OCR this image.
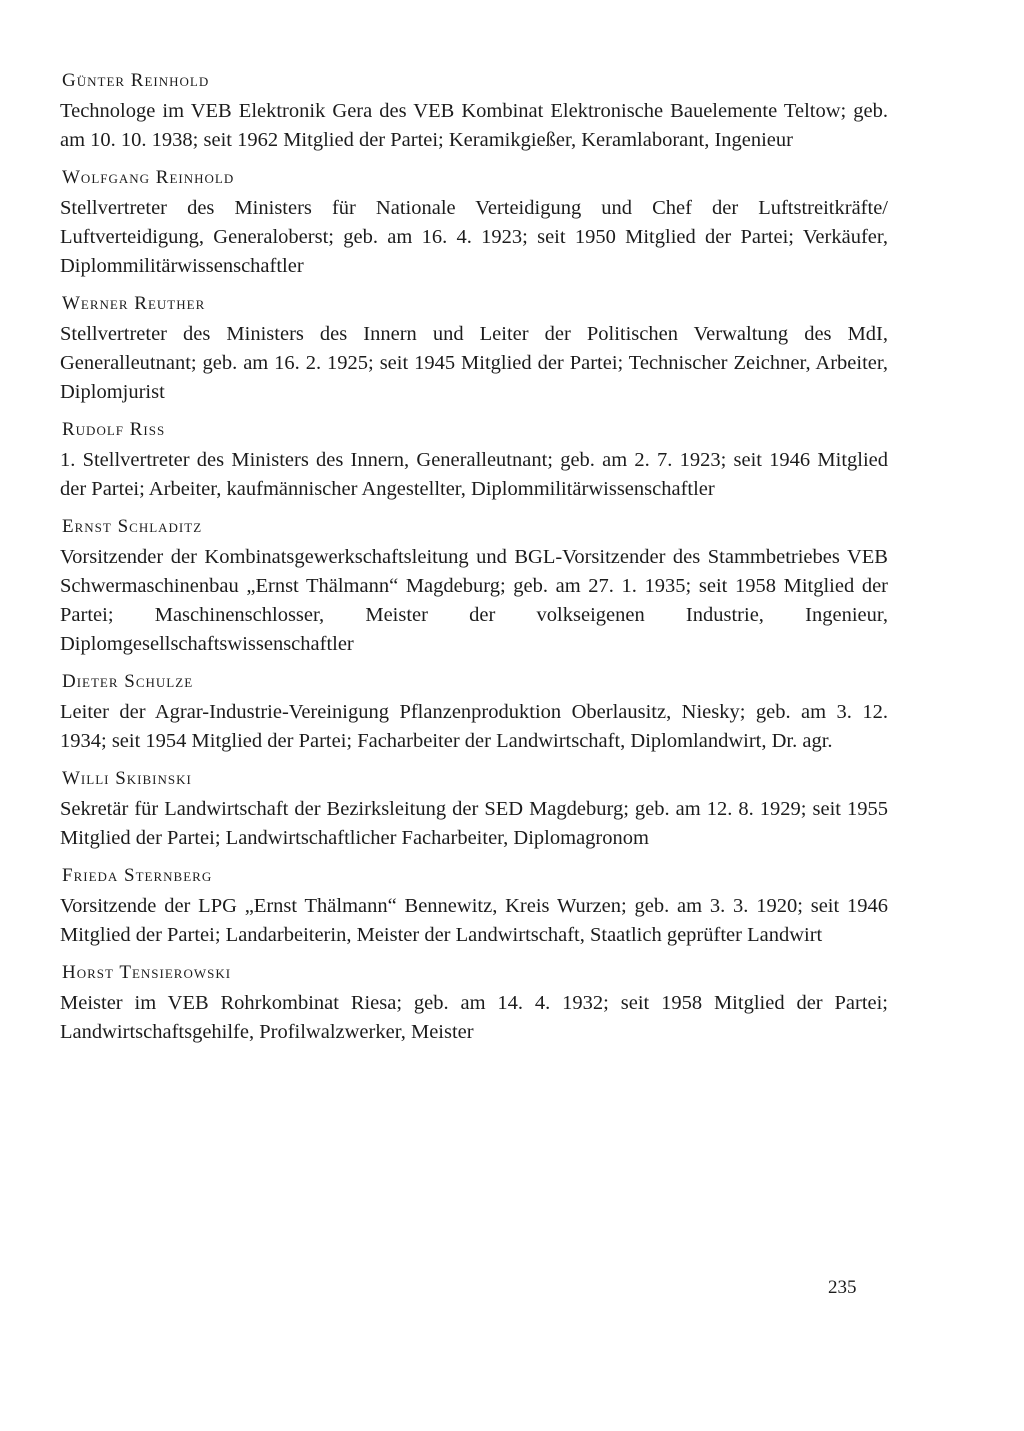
Günter Reinhold

Technologe im VEB Elektronik Gera des VEB Kombinat Elektronische Bauelemente Teltow; geb. am 10. 10. 1938; seit 1962 Mitglied der Partei; Keramikgießer, Keramlaborant, Ingenieur

Wolfgang Reinhold

Stellvertreter des Ministers für Nationale Verteidigung und Chef der Luftstreitkräfte/ Luftverteidigung, Generaloberst; geb. am 16. 4. 1923; seit 1950 Mitglied der Partei; Verkäufer, Diplommilitärwissenschaftler

Werner Reuther

Stellvertreter des Ministers des Innern und Leiter der Politischen Verwaltung des MdI, Generalleutnant; geb. am 16. 2. 1925; seit 1945 Mitglied der Partei; Technischer Zeichner, Arbeiter, Diplomjurist

Rudolf Riss

1. Stellvertreter des Ministers des Innern, Generalleutnant; geb. am 2. 7. 1923; seit 1946 Mitglied der Partei; Arbeiter, kaufmännischer Angestellter, Diplommilitärwissenschaftler

Ernst Schladitz

Vorsitzender der Kombinatsgewerkschaftsleitung und BGL-Vorsitzender des Stammbetriebes VEB Schwermaschinenbau „Ernst Thälmann“ Magdeburg; geb. am 27. 1. 1935; seit 1958 Mitglied der Partei; Maschinenschlosser, Meister der volkseigenen Industrie, Ingenieur, Diplomgesellschaftswissenschaftler

Dieter Schulze

Leiter der Agrar-Industrie-Vereinigung Pflanzenproduktion Oberlausitz, Niesky; geb. am 3. 12. 1934; seit 1954 Mitglied der Partei; Facharbeiter der Landwirtschaft, Diplomlandwirt, Dr. agr.

Willi Skibinski

Sekretär für Landwirtschaft der Bezirksleitung der SED Magdeburg; geb. am 12. 8. 1929; seit 1955 Mitglied der Partei; Landwirtschaftlicher Facharbeiter, Diplomagronom

Frieda Sternberg

Vorsitzende der LPG „Ernst Thälmann“ Bennewitz, Kreis Wurzen; geb. am 3. 3. 1920; seit 1946 Mitglied der Partei; Landarbeiterin, Meister der Landwirtschaft, Staatlich geprüfter Landwirt

Horst Tensierowski

Meister im VEB Rohrkombinat Riesa; geb. am 14. 4. 1932; seit 1958 Mitglied der Partei; Landwirtschaftsgehilfe, Profilwalzwerker, Meister

235
